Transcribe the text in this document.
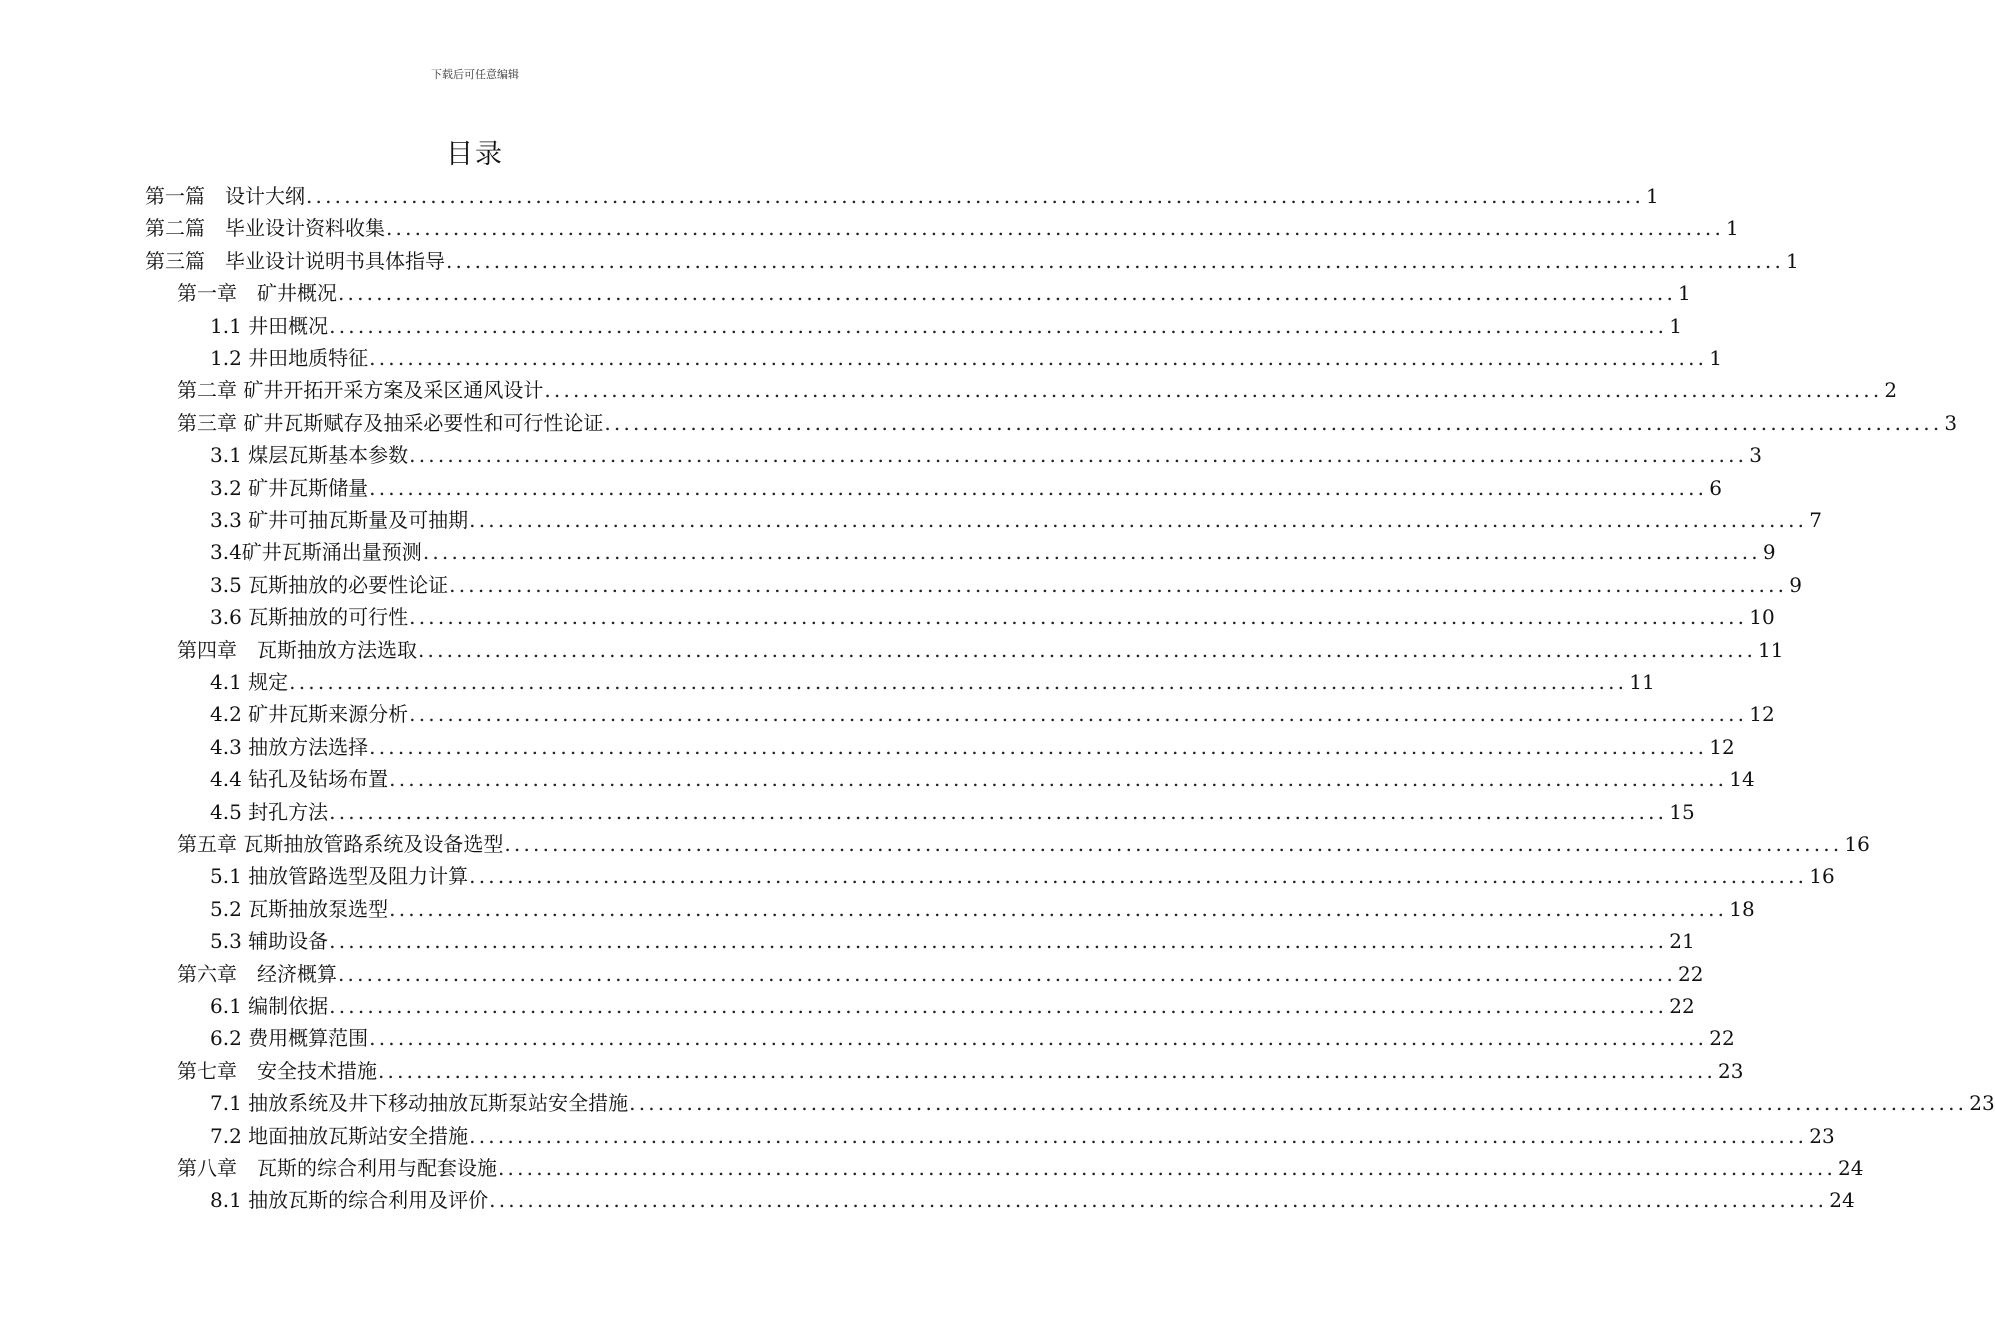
下载后可任意编辑
目录
第一篇　设计大纲 ............................................................................................................................................ 1
第二篇　毕业设计资料收集 ............................................................................................................................................ 1
第三篇　毕业设计说明书具体指导 ............................................................................................................................................ 1
第一章　矿井概况 ............................................................................................................................................ 1
1.1 井田概况 ............................................................................................................................................ 1
1.2 井田地质特征 ............................................................................................................................................ 1
第二章 矿井开拓开采方案及采区通风设计 ............................................................................................................................................ 2
第三章 矿井瓦斯赋存及抽采必要性和可行性论证 ............................................................................................................................................ 3
3.1 煤层瓦斯基本参数 ............................................................................................................................................ 3
3.2 矿井瓦斯储量 ............................................................................................................................................ 6
3.3 矿井可抽瓦斯量及可抽期 ............................................................................................................................................ 7
3.4矿井瓦斯涌出量预测 ............................................................................................................................................ 9
3.5 瓦斯抽放的必要性论证 ............................................................................................................................................ 9
3.6 瓦斯抽放的可行性 ............................................................................................................................................ 10
第四章　瓦斯抽放方法选取 ............................................................................................................................................ 11
4.1 规定 ............................................................................................................................................ 11
4.2 矿井瓦斯来源分析 ............................................................................................................................................ 12
4.3 抽放方法选择 ............................................................................................................................................ 12
4.4 钻孔及钻场布置 ............................................................................................................................................ 14
4.5 封孔方法 ............................................................................................................................................ 15
第五章 瓦斯抽放管路系统及设备选型 ............................................................................................................................................ 16
5.1 抽放管路选型及阻力计算 ............................................................................................................................................ 16
5.2 瓦斯抽放泵选型 ............................................................................................................................................ 18
5.3 辅助设备 ............................................................................................................................................ 21
第六章　经济概算 ............................................................................................................................................ 22
6.1 编制依据 ............................................................................................................................................ 22
6.2 费用概算范围 ............................................................................................................................................ 22
第七章　安全技术措施 ............................................................................................................................................ 23
7.1 抽放系统及井下移动抽放瓦斯泵站安全措施 ............................................................................................................................................ 23
7.2 地面抽放瓦斯站安全措施 ............................................................................................................................................ 23
第八章　瓦斯的综合利用与配套设施 ............................................................................................................................................ 24
8.1 抽放瓦斯的综合利用及评价 ............................................................................................................................................ 24
